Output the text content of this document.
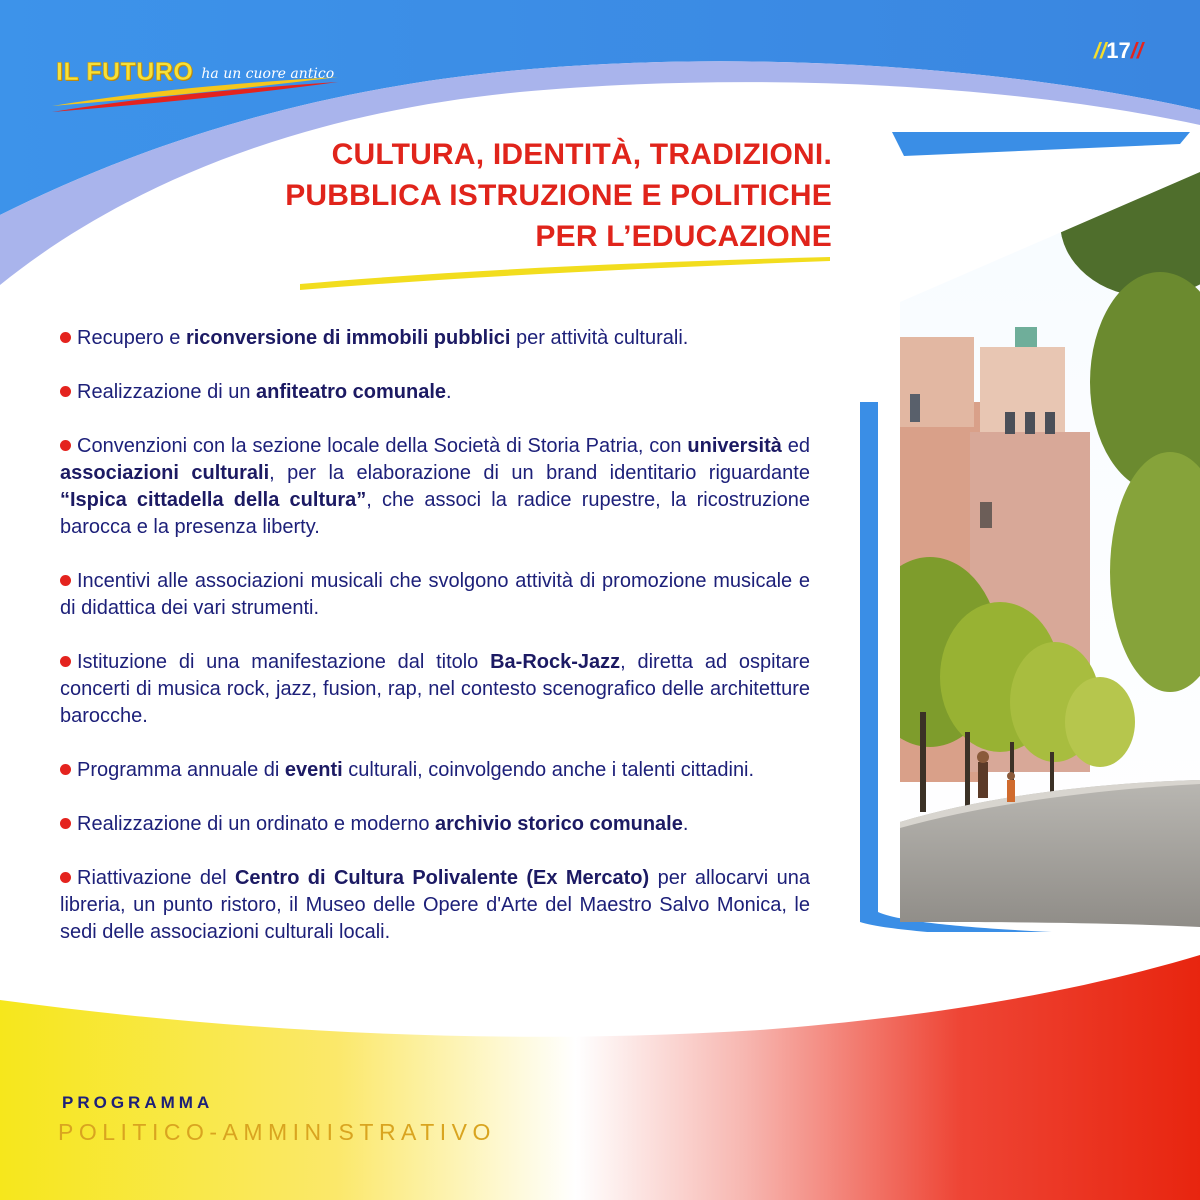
IL FUTURO ha un cuore antico
//17//
CULTURA, IDENTITÀ, TRADIZIONI.
PUBBLICA ISTRUZIONE E POLITICHE
PER L’EDUCAZIONE
Recupero e riconversione di immobili pubblici per attività culturali.
Realizzazione di un anfiteatro comunale.
Convenzioni con la sezione locale della Società di Storia Patria, con università ed associazioni culturali, per la elaborazione di un brand identitario riguardante “Ispica cittadella della cultura”, che associ la radice rupestre, la ricostruzione barocca e la presenza liberty.
Incentivi alle associazioni musicali che svolgono attività di promozione musicale e di didattica dei vari strumenti.
Istituzione di una manifestazione dal titolo Ba-Rock-Jazz, diretta ad ospitare concerti di musica rock, jazz, fusion, rap, nel contesto scenografico delle architetture barocche.
Programma annuale di eventi culturali, coinvolgendo anche i talenti cittadini.
Realizzazione di un ordinato e moderno archivio storico comunale.
Riattivazione del Centro di Cultura Polivalente (Ex Mercato) per allocarvi una libreria, un punto ristoro, il Museo delle Opere d'Arte del Maestro Salvo Monica, le sedi delle associazioni culturali locali.
PROGRAMMA
POLITICO-AMMINISTRATIVO
